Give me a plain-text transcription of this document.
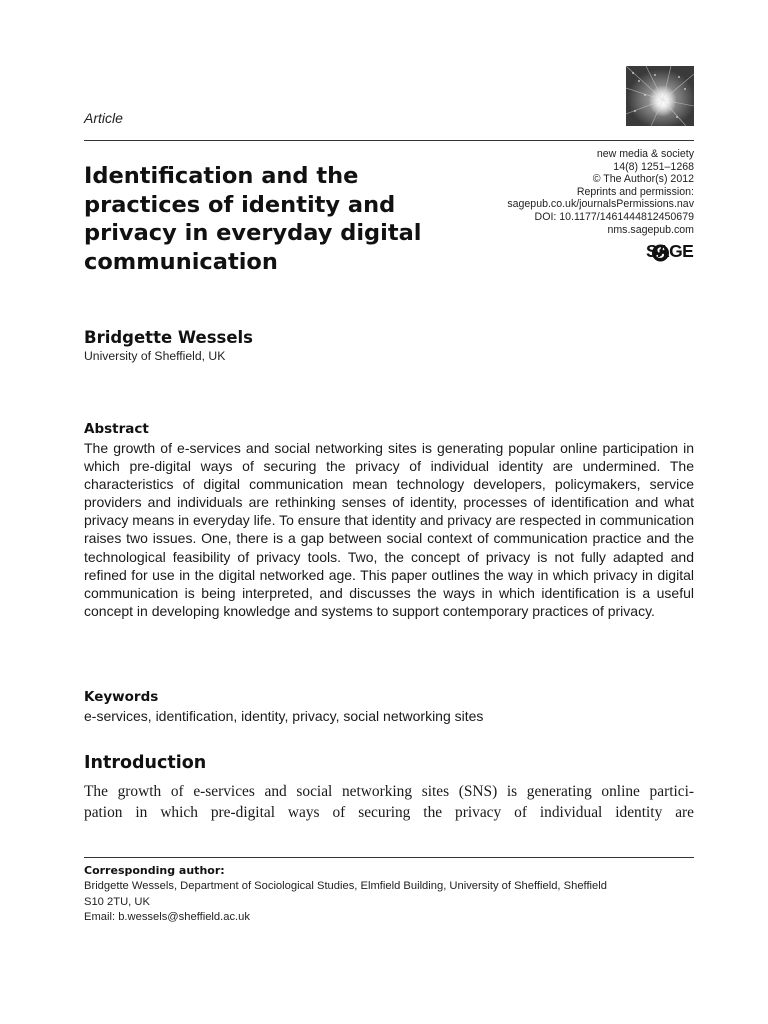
Article
Identification and the practices of identity and privacy in everyday digital communication
new media & society
14(8) 1251–1268
© The Author(s) 2012
Reprints and permission:
sagepub.co.uk/journalsPermissions.nav
DOI: 10.1177/1461444812450679
nms.sagepub.com
SAGE
Bridgette Wessels
University of Sheffield, UK
Abstract
The growth of e-services and social networking sites is generating popular online participation in which pre-digital ways of securing the privacy of individual identity are undermined. The characteristics of digital communication mean technology developers, policymakers, service providers and individuals are rethinking senses of identity, processes of identification and what privacy means in everyday life. To ensure that identity and privacy are respected in communication raises two issues. One, there is a gap between social context of communication practice and the technological feasibility of privacy tools. Two, the concept of privacy is not fully adapted and refined for use in the digital networked age. This paper outlines the way in which privacy in digital communication is being interpreted, and discusses the ways in which identification is a useful concept in developing knowledge and systems to support contemporary practices of privacy.
Keywords
e-services, identification, identity, privacy, social networking sites
Introduction
The growth of e-services and social networking sites (SNS) is generating online partici-
pation in which pre-digital ways of securing the privacy of individual identity are
Corresponding author:
Bridgette Wessels, Department of Sociological Studies, Elmfield Building, University of Sheffield, Sheffield
S10 2TU, UK
Email: b.wessels@sheffield.ac.uk
